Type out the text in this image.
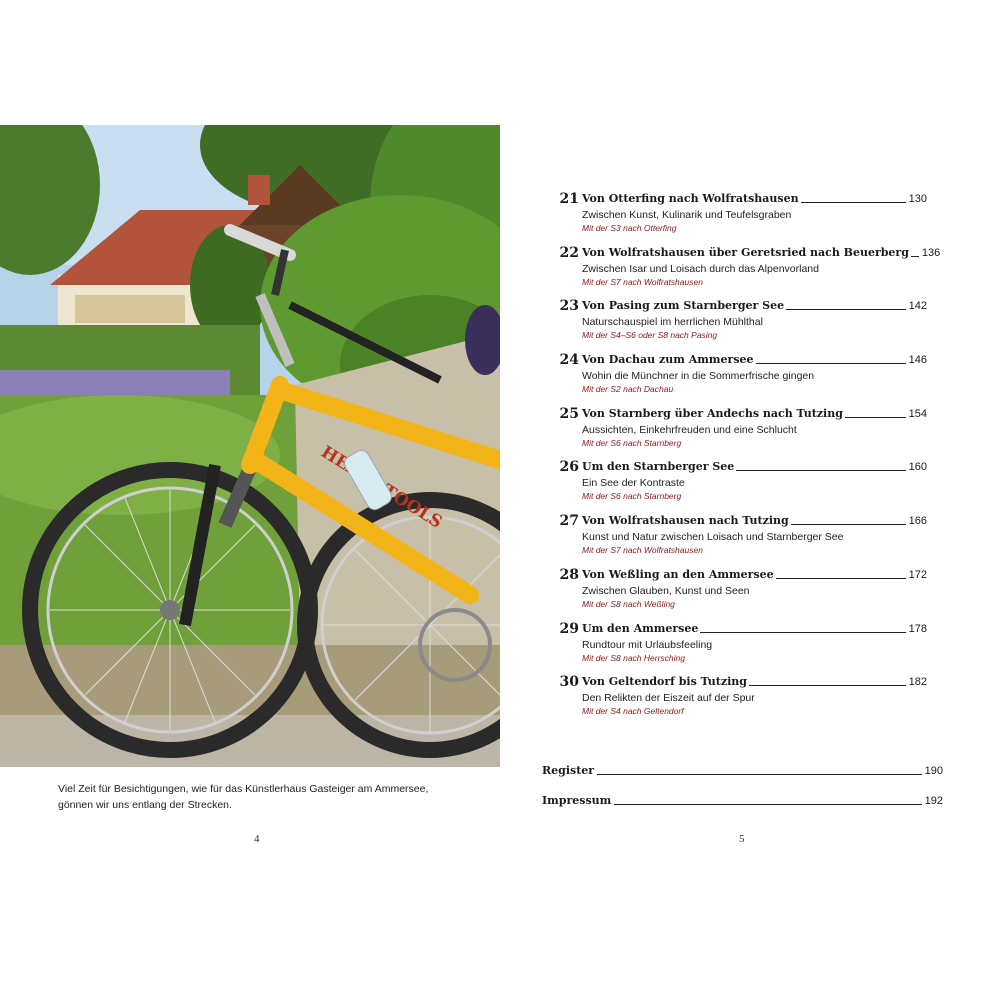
TOOLS
Viel Zeit für Besichtigungen, wie für das Künstlerhaus Gasteiger am Ammersee, gönnen wir uns entlang der Strecken.
4
21 Von Otterfing nach Wolfratshausen	130
Zwischen Kunst, Kulinarik und Teufelsgraben
Mit der S3 nach Otterfing
22 Von Wolfratshausen über Geretsried nach Beuerberg 136
Zwischen Isar und Loisach durch das Alpenvorland
Mit der S7 nach Wolfratshausen
23 Von Pasing zum Starnberger See	142
Naturschauspiel im herrlichen Mühlthal
Mit der S4–S6 oder S8 nach Pasing
24 Von Dachau zum Ammersee	146
Wohin die Münchner in die Sommerfrische gingen
Mit der S2 nach Dachau
25 Von Starnberg über Andechs nach Tutzing	154
Aussichten, Einkehrfreuden und eine Schlucht
Mit der S6 nach Starnberg
26 Um den Starnberger See	160
Ein See der Kontraste
Mit der S6 nach Starnberg
27 Von Wolfratshausen nach Tutzing	166
Kunst und Natur zwischen Loisach und Starnberger See
Mit der S7 nach Wolfratshausen
28 Von Weßling an den Ammersee	172
Zwischen Glauben, Kunst und Seen
Mit der S8 nach Weßling
29 Um den Ammersee	178
Rundtour mit Urlaubsfeeling
Mit der S8 nach Herrsching
30 Von Geltendorf bis Tutzing	182
Den Relikten der Eiszeit auf der Spur
Mit der S4 nach Geltendorf
Register	190
Impressum	192
5
